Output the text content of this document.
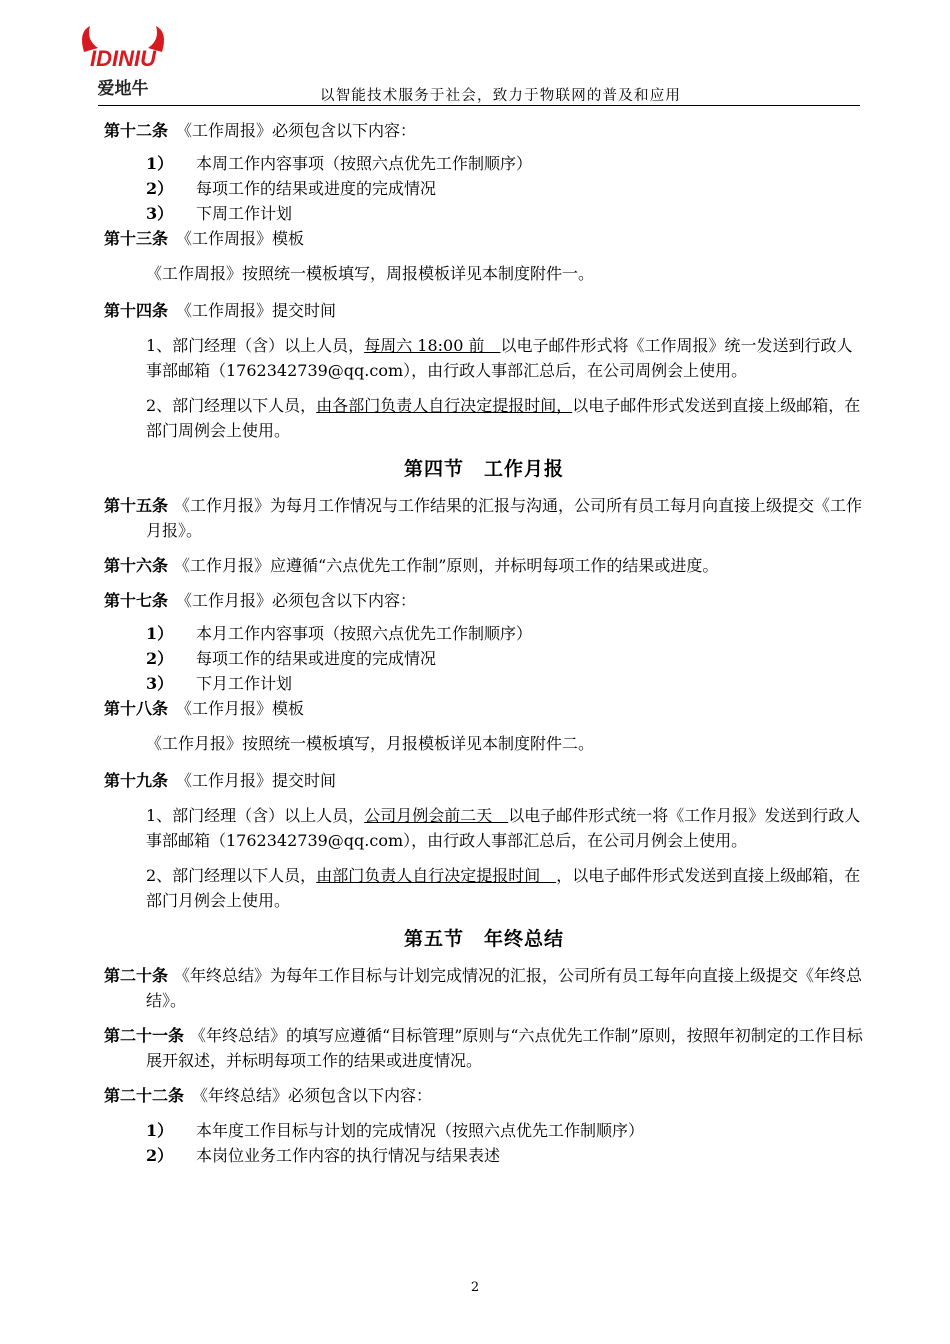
IDINIU
爱地牛	以智能技术服务于社会，致力于物联网的普及和应用
第十二条 《工作周报》必须包含以下内容：
1）	本周工作内容事项（按照六点优先工作制顺序）
2）	每项工作的结果或进度的完成情况
3）	下周工作计划
第十三条 《工作周报》模板
《工作周报》按照统一模板填写，周报模板详见本制度附件一。
第十四条 《工作周报》提交时间
1、部门经理（含）以上人员，每周六 18:00 前　以电子邮件形式将《工作周报》统一发送到行政人事部邮箱（1762342739@qq.com），由行政人事部汇总后，在公司周例会上使用。
2、部门经理以下人员，由各部门负责人自行决定提报时间，以电子邮件形式发送到直接上级邮箱，在部门周例会上使用。
第四节　工作月报
第十五条 《工作月报》为每月工作情况与工作结果的汇报与沟通，公司所有员工每月向直接上级提交《工作月报》。
第十六条 《工作月报》应遵循“六点优先工作制”原则，并标明每项工作的结果或进度。
第十七条 《工作月报》必须包含以下内容：
1）	本月工作内容事项（按照六点优先工作制顺序）
2）	每项工作的结果或进度的完成情况
3）	下月工作计划
第十八条 《工作月报》模板
《工作月报》按照统一模板填写，月报模板详见本制度附件二。
第十九条 《工作月报》提交时间
1、部门经理（含）以上人员，公司月例会前二天　以电子邮件形式统一将《工作月报》发送到行政人事部邮箱（1762342739@qq.com），由行政人事部汇总后，在公司月例会上使用。
2、部门经理以下人员，由部门负责人自行决定提报时间　，以电子邮件形式发送到直接上级邮箱，在部门月例会上使用。
第五节　年终总结
第二十条 《年终总结》为每年工作目标与计划完成情况的汇报，公司所有员工每年向直接上级提交《年终总结》。
第二十一条 《年终总结》的填写应遵循“目标管理”原则与“六点优先工作制”原则，按照年初制定的工作目标展开叙述，并标明每项工作的结果或进度情况。
第二十二条 《年终总结》必须包含以下内容：
1）	本年度工作目标与计划的完成情况（按照六点优先工作制顺序）
2）	本岗位业务工作内容的执行情况与结果表述
2
